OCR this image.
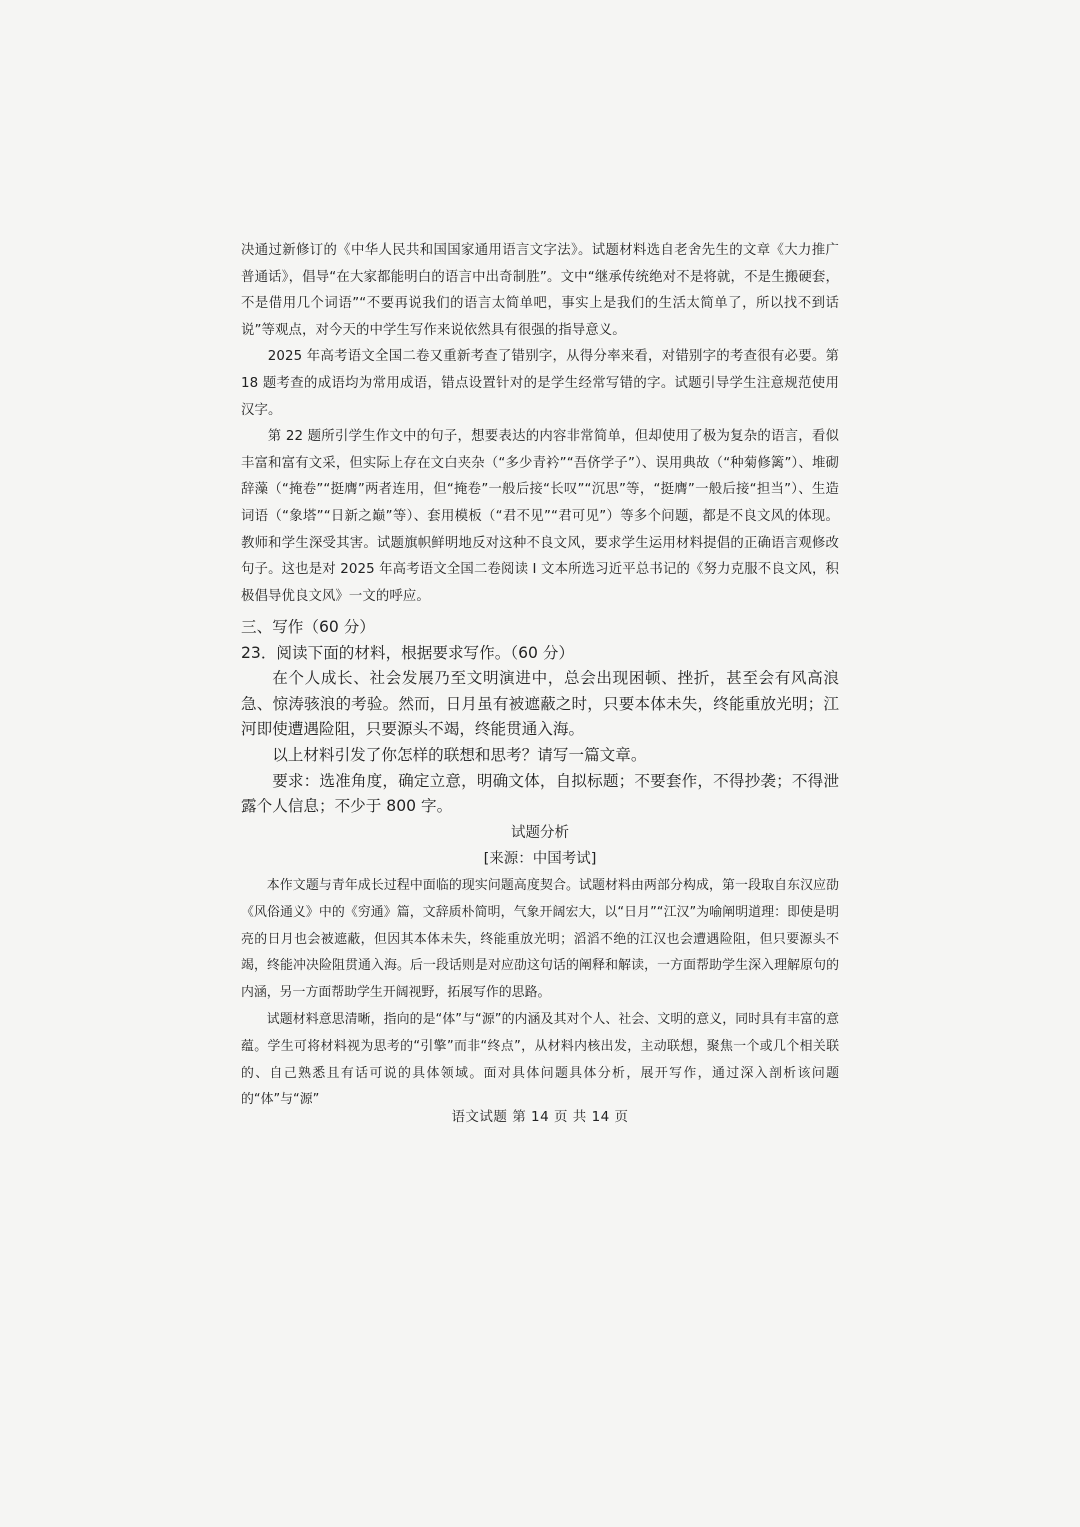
决通过新修订的《中华人民共和国国家通用语言文字法》。试题材料选自老舍先生的文章《大力推广普通话》，倡导“在大家都能明白的语言中出奇制胜”。文中“继承传统绝对不是将就，不是生搬硬套，不是借用几个词语”“不要再说我们的语言太简单吧，事实上是我们的生活太简单了，所以找不到话说”等观点，对今天的中学生写作来说依然具有很强的指导意义。

2025 年高考语文全国二卷又重新考查了错别字，从得分率来看，对错别字的考查很有必要。第 18 题考查的成语均为常用成语，错点设置针对的是学生经常写错的字。试题引导学生注意规范使用汉字。

第 22 题所引学生作文中的句子，想要表达的内容非常简单，但却使用了极为复杂的语言，看似丰富和富有文采，但实际上存在文白夹杂（“多少青衿”“吾侪学子”）、误用典故（“种菊修篱”）、堆砌辞藻（“掩卷”“挺膺”两者连用，但“掩卷”一般后接“长叹”“沉思”等，“挺膺”一般后接“担当”）、生造词语（“象塔”“日新之巅”等）、套用模板（“君不见”“君可见”）等多个问题，都是不良文风的体现。教师和学生深受其害。试题旗帜鲜明地反对这种不良文风，要求学生运用材料提倡的正确语言观修改句子。这也是对 2025 年高考语文全国二卷阅读 I 文本所选习近平总书记的《努力克服不良文风，积极倡导优良文风》一文的呼应。

三、写作（60 分）

23．阅读下面的材料，根据要求写作。（60 分）

在个人成长、社会发展乃至文明演进中，总会出现困顿、挫折，甚至会有风高浪急、惊涛骇浪的考验。然而，日月虽有被遮蔽之时，只要本体未失，终能重放光明；江河即使遭遇险阻，只要源头不竭，终能贯通入海。

以上材料引发了你怎样的联想和思考？请写一篇文章。

要求：选准角度，确定立意，明确文体，自拟标题；不要套作，不得抄袭；不得泄露个人信息；不少于 800 字。

试题分析

[来源：中国考试]

本作文题与青年成长过程中面临的现实问题高度契合。试题材料由两部分构成，第一段取自东汉应劭《风俗通义》中的《穷通》篇，文辞质朴简明，气象开阔宏大，以“日月”“江汉”为喻阐明道理：即使是明亮的日月也会被遮蔽，但因其本体未失，终能重放光明；滔滔不绝的江汉也会遭遇险阻，但只要源头不竭，终能冲决险阻贯通入海。后一段话则是对应劭这句话的阐释和解读，一方面帮助学生深入理解原句的内涵，另一方面帮助学生开阔视野，拓展写作的思路。

试题材料意思清晰，指向的是“体”与“源”的内涵及其对个人、社会、文明的意义，同时具有丰富的意蕴。学生可将材料视为思考的“引擎”而非“终点”，从材料内核出发，主动联想，聚焦一个或几个相关联的、自己熟悉且有话可说的具体领域。面对具体问题具体分析，展开写作，通过深入剖析该问题的“体”与“源”

语文试题 第 14 页 共 14 页
